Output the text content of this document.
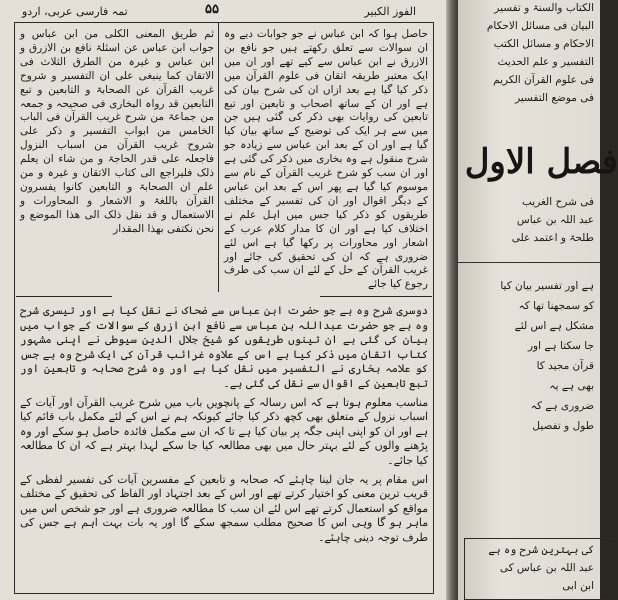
تمہ فارسی عربی، اردو	۵۵	الفوز الکبیر
حاصل ہوا کہ ابن عباس نے جو جوابات دیے وہ ان سوالات سے تعلق رکھتے ہیں جو نافع بن الازرق نے ابن عباس سے کیے تھے اور ان میں ایک معتبر طریقہ اتقان فی علوم القرآن میں ذکر کیا گیا ہے بعد ازاں ان کی شرح بیان کی ہے اور ان کے ساتھ اصحاب و تابعین اور تبع تابعین کی روایات بھی ذکر کی گئی ہیں جن میں سے ہر ایک کی توضیح کے ساتھ بیان کیا گیا ہے اور ان کے بعد ابن عباس سے زیادہ جو شرح منقول ہے وہ بخاری میں ذکر کی گئی ہے اور ان سب کو شرح غریب القرآن کے نام سے موسوم کیا گیا ہے پھر اس کے بعد ابن عباس کے دیگر اقوال اور ان کی تفسیر کے مختلف طریقوں کو ذکر کیا جس میں اہل علم نے اختلاف کیا ہے اور ان کا مدار کلام عرب کے اشعار اور محاورات پر رکھا گیا ہے اس لئے ضروری ہے کہ ان کی تحقیق کی جائے اور غریب القرآن کے حل کے لئے ان سب کی طرف رجوع کیا جائے
ثم طریق المعنی الکلی من ابن عباس و جواب ابن عباس عن اسئلۃ نافع بن الازرق و ابن عباس و غیرہ من الطرق الثلاث فی الاتقان کما ینبغی علی ان التفسیر و شروح غریب القرآن عن الصحابۃ و التابعین و تبع التابعین قد رواہ البخاری فی صحیحہ و جمعہ من جماعۃ من شرح غریب القرآن فی الباب الخامس من ابواب التفسیر و ذکر علی شروح غریب القرآن من اسباب النزول فاجعلہ علی قدر الحاجۃ و من شاء ان یعلم ذلک فلیراجع الی کتاب الاتقان و غیرہ و من علم ان الصحابۃ و التابعین کانوا یفسرون القرآن باللغۃ و الاشعار و المحاورات و الاستعمال و قد نقل ذلک الی هذا الموضع و نحن نکتفی بهذا المقدار

دوسری شرح وہ ہے جو حضرت ابن عباس سے ضحاک نے نقل کیا ہے اور تیسری شرح وہ ہے جو حضرت عبداللہ بن عباس سے نافع ابن ازرق کے سوالات کے جواب میں بیان کی گئی ہے ان تینوں طریقوں کو شیخ جلال الدین سیوطی نے اپنی مشہور کتاب اتقان میں ذکر کیا ہے اس کے علاوہ غرائب قرآن کی ایک شرح وہ ہے جس کو علامہ بخاری نے التفسیر میں نقل کیا ہے اور وہ شرح صحابہ و تابعین اور تبع تابعین کے اقوال سے نقل کی گئی ہے۔

مناسب معلوم ہوتا ہے کہ اس رسالہ کے پانچویں باب میں شرح غریب القرآن اور آیات کے اسباب نزول کے متعلق بھی کچھ ذکر کیا جائے کیونکہ ہم نے اس کے لئے مکمل باب قائم کیا ہے اور ان کو اپنی اپنی جگہ پر بیان کیا ہے تا کہ ان سے مکمل فائدہ حاصل ہو سکے اور وہ پڑھنے والوں کے لئے بہتر حال میں بھی مطالعہ کیا جا سکے لہذا بہتر ہے کہ ان کا مطالعہ کیا جائے۔

اس مقام پر یہ جان لینا چاہئے کہ صحابہ و تابعین کے مفسرین آیات کی تفسیر لفظی کے قریب ترین معنی کو اختیار کرتے تھے اور اس کے بعد اجتہاد اور الفاظ کی تحقیق کے مختلف مواقع کو استعمال کرتے تھے اس لئے ان سب کا مطالعہ ضروری ہے اور جو شخص اس میں ماہر ہو گا وہی اس کا صحیح مطلب سمجھ سکے گا اور یہ بات بہت اہم ہے جس کی طرف توجہ دینی چاہئے۔

الکتاب والسنۃ و تفسیر
البیان فی مسائل الاحکام
الاحکام و مسائل الکتب
التفسیر و علم الحدیث
فی علوم القرآن الکریم
فی موضع التفسیر
فصل الاول
فی شرح الغریب
عبد اللہ بن عباس
طلحۃ و اعتمد علی
ہے اور تفسیر بیان کیا
کو سمجھنا تھا کہ
مشکل ہے اس لئے
جا سکتا ہے اور
قرآن مجید کا
بھی ہے یہ
ضروری ہے کہ
طول و تفصیل
کی بہترین شرح وہ ہے
عبد اللہ بن عباس کی
ابن ابی
